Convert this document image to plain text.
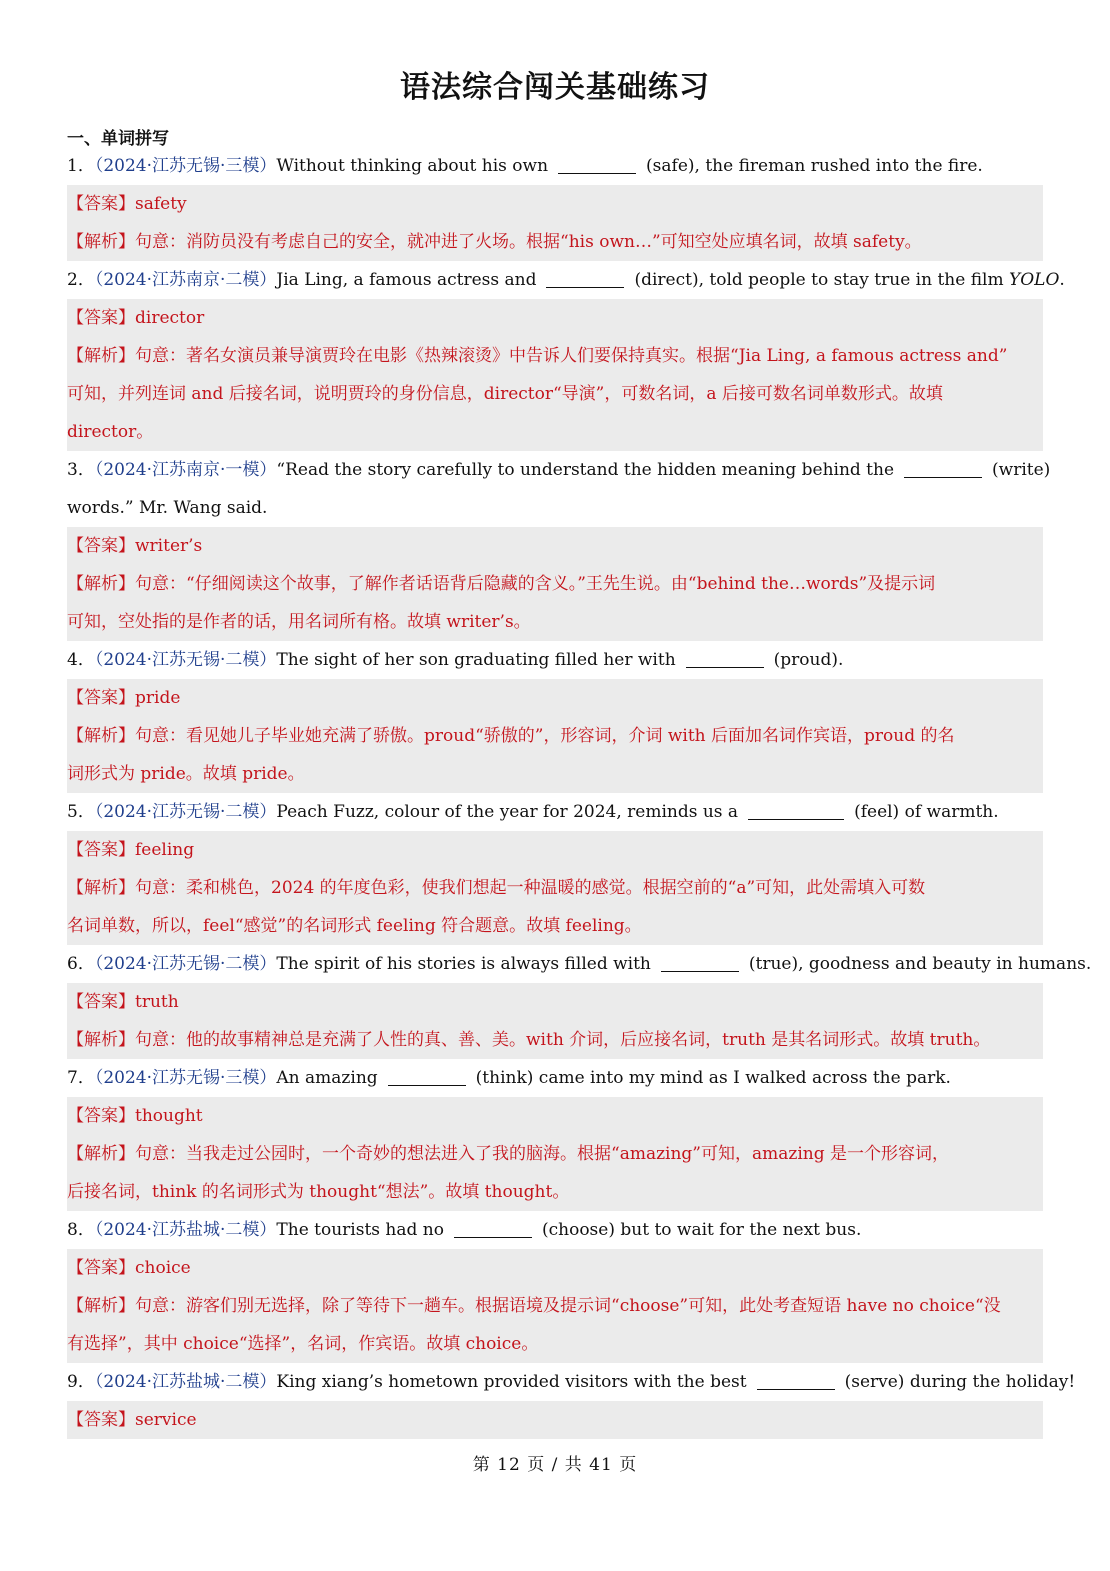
语法综合闯关基础练习
一、单词拼写
1．（2024·江苏无锡·三模）Without thinking about his own	(safe), the fireman rushed into the fire.
【答案】safety
【解析】句意：消防员没有考虑自己的安全，就冲进了火场。根据“his own…”可知空处应填名词，故填 safety。
2．（2024·江苏南京·二模）Jia Ling, a famous actress and	(direct), told people to stay true in the film YOLO.
【答案】director
【解析】句意：著名女演员兼导演贾玲在电影《热辣滚烫》中告诉人们要保持真实。根据“Jia Ling, a famous actress and”
可知，并列连词 and 后接名词，说明贾玲的身份信息，director“导演”，可数名词，a 后接可数名词单数形式。故填
director。
3．（2024·江苏南京·一模）“Read the story carefully to understand the hidden meaning behind the	(write)
words.” Mr. Wang said.
【答案】writer’s
【解析】句意：“仔细阅读这个故事，了解作者话语背后隐藏的含义。”王先生说。由“behind the…words”及提示词
可知，空处指的是作者的话，用名词所有格。故填 writer’s。
4．（2024·江苏无锡·二模）The sight of her son graduating filled her with	(proud).
【答案】pride
【解析】句意：看见她儿子毕业她充满了骄傲。proud“骄傲的”，形容词，介词 with 后面加名词作宾语，proud 的名
词形式为 pride。故填 pride。
5．（2024·江苏无锡·二模）Peach Fuzz, colour of the year for 2024, reminds us a	(feel) of warmth.
【答案】feeling
【解析】句意：柔和桃色，2024 的年度色彩，使我们想起一种温暖的感觉。根据空前的“a”可知，此处需填入可数
名词单数，所以，feel“感觉”的名词形式 feeling 符合题意。故填 feeling。
6．（2024·江苏无锡·二模）The spirit of his stories is always filled with	(true), goodness and beauty in humans.
【答案】truth
【解析】句意：他的故事精神总是充满了人性的真、善、美。with 介词，后应接名词，truth 是其名词形式。故填 truth。
7．（2024·江苏无锡·三模）An amazing	(think) came into my mind as I walked across the park.
【答案】thought
【解析】句意：当我走过公园时，一个奇妙的想法进入了我的脑海。根据“amazing”可知，amazing 是一个形容词，
后接名词，think 的名词形式为 thought“想法”。故填 thought。
8．（2024·江苏盐城·二模）The tourists had no	(choose) but to wait for the next bus.
【答案】choice
【解析】句意：游客们别无选择，除了等待下一趟车。根据语境及提示词“choose”可知，此处考查短语 have no choice“没
有选择”，其中 choice“选择”，名词，作宾语。故填 choice。
9．（2024·江苏盐城·二模）King xiang’s hometown provided visitors with the best	(serve) during the holiday!
【答案】service
第 12 页 / 共 41 页
